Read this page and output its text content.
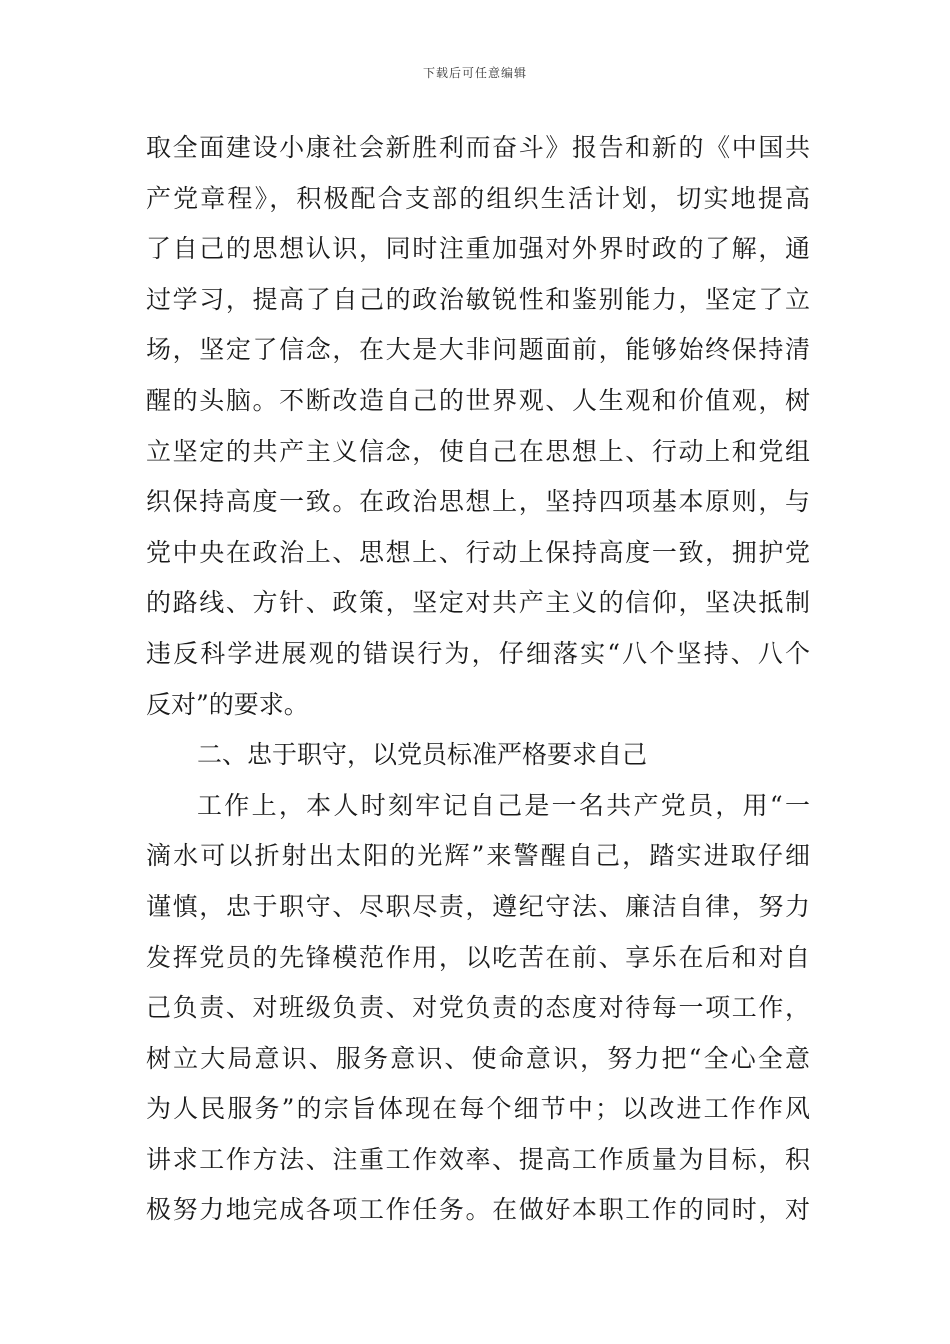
下载后可任意编辑
取全面建设小康社会新胜利而奋斗》报告和新的《中国共
产党章程》，积极配合支部的组织生活计划，切实地提高
了自己的思想认识，同时注重加强对外界时政的了解，通
过学习，提高了自己的政治敏锐性和鉴别能力，坚定了立
场，坚定了信念，在大是大非问题面前，能够始终保持清
醒的头脑。不断改造自己的世界观、人生观和价值观，树
立坚定的共产主义信念，使自己在思想上、行动上和党组
织保持高度一致。在政治思想上，坚持四项基本原则，与
党中央在政治上、思想上、行动上保持高度一致，拥护党
的路线、方针、政策，坚定对共产主义的信仰，坚决抵制
违反科学进展观的错误行为，仔细落实“八个坚持、八个
反对”的要求。
二、忠于职守，以党员标准严格要求自己
工作上，本人时刻牢记自己是一名共产党员，用“一
滴水可以折射出太阳的光辉”来警醒自己，踏实进取仔细
谨慎，忠于职守、尽职尽责，遵纪守法、廉洁自律，努力
发挥党员的先锋模范作用，以吃苦在前、享乐在后和对自
己负责、对班级负责、对党负责的态度对待每一项工作，
树立大局意识、服务意识、使命意识，努力把“全心全意
为人民服务”的宗旨体现在每个细节中；以改进工作作风
讲求工作方法、注重工作效率、提高工作质量为目标，积
极努力地完成各项工作任务。在做好本职工作的同时，对
